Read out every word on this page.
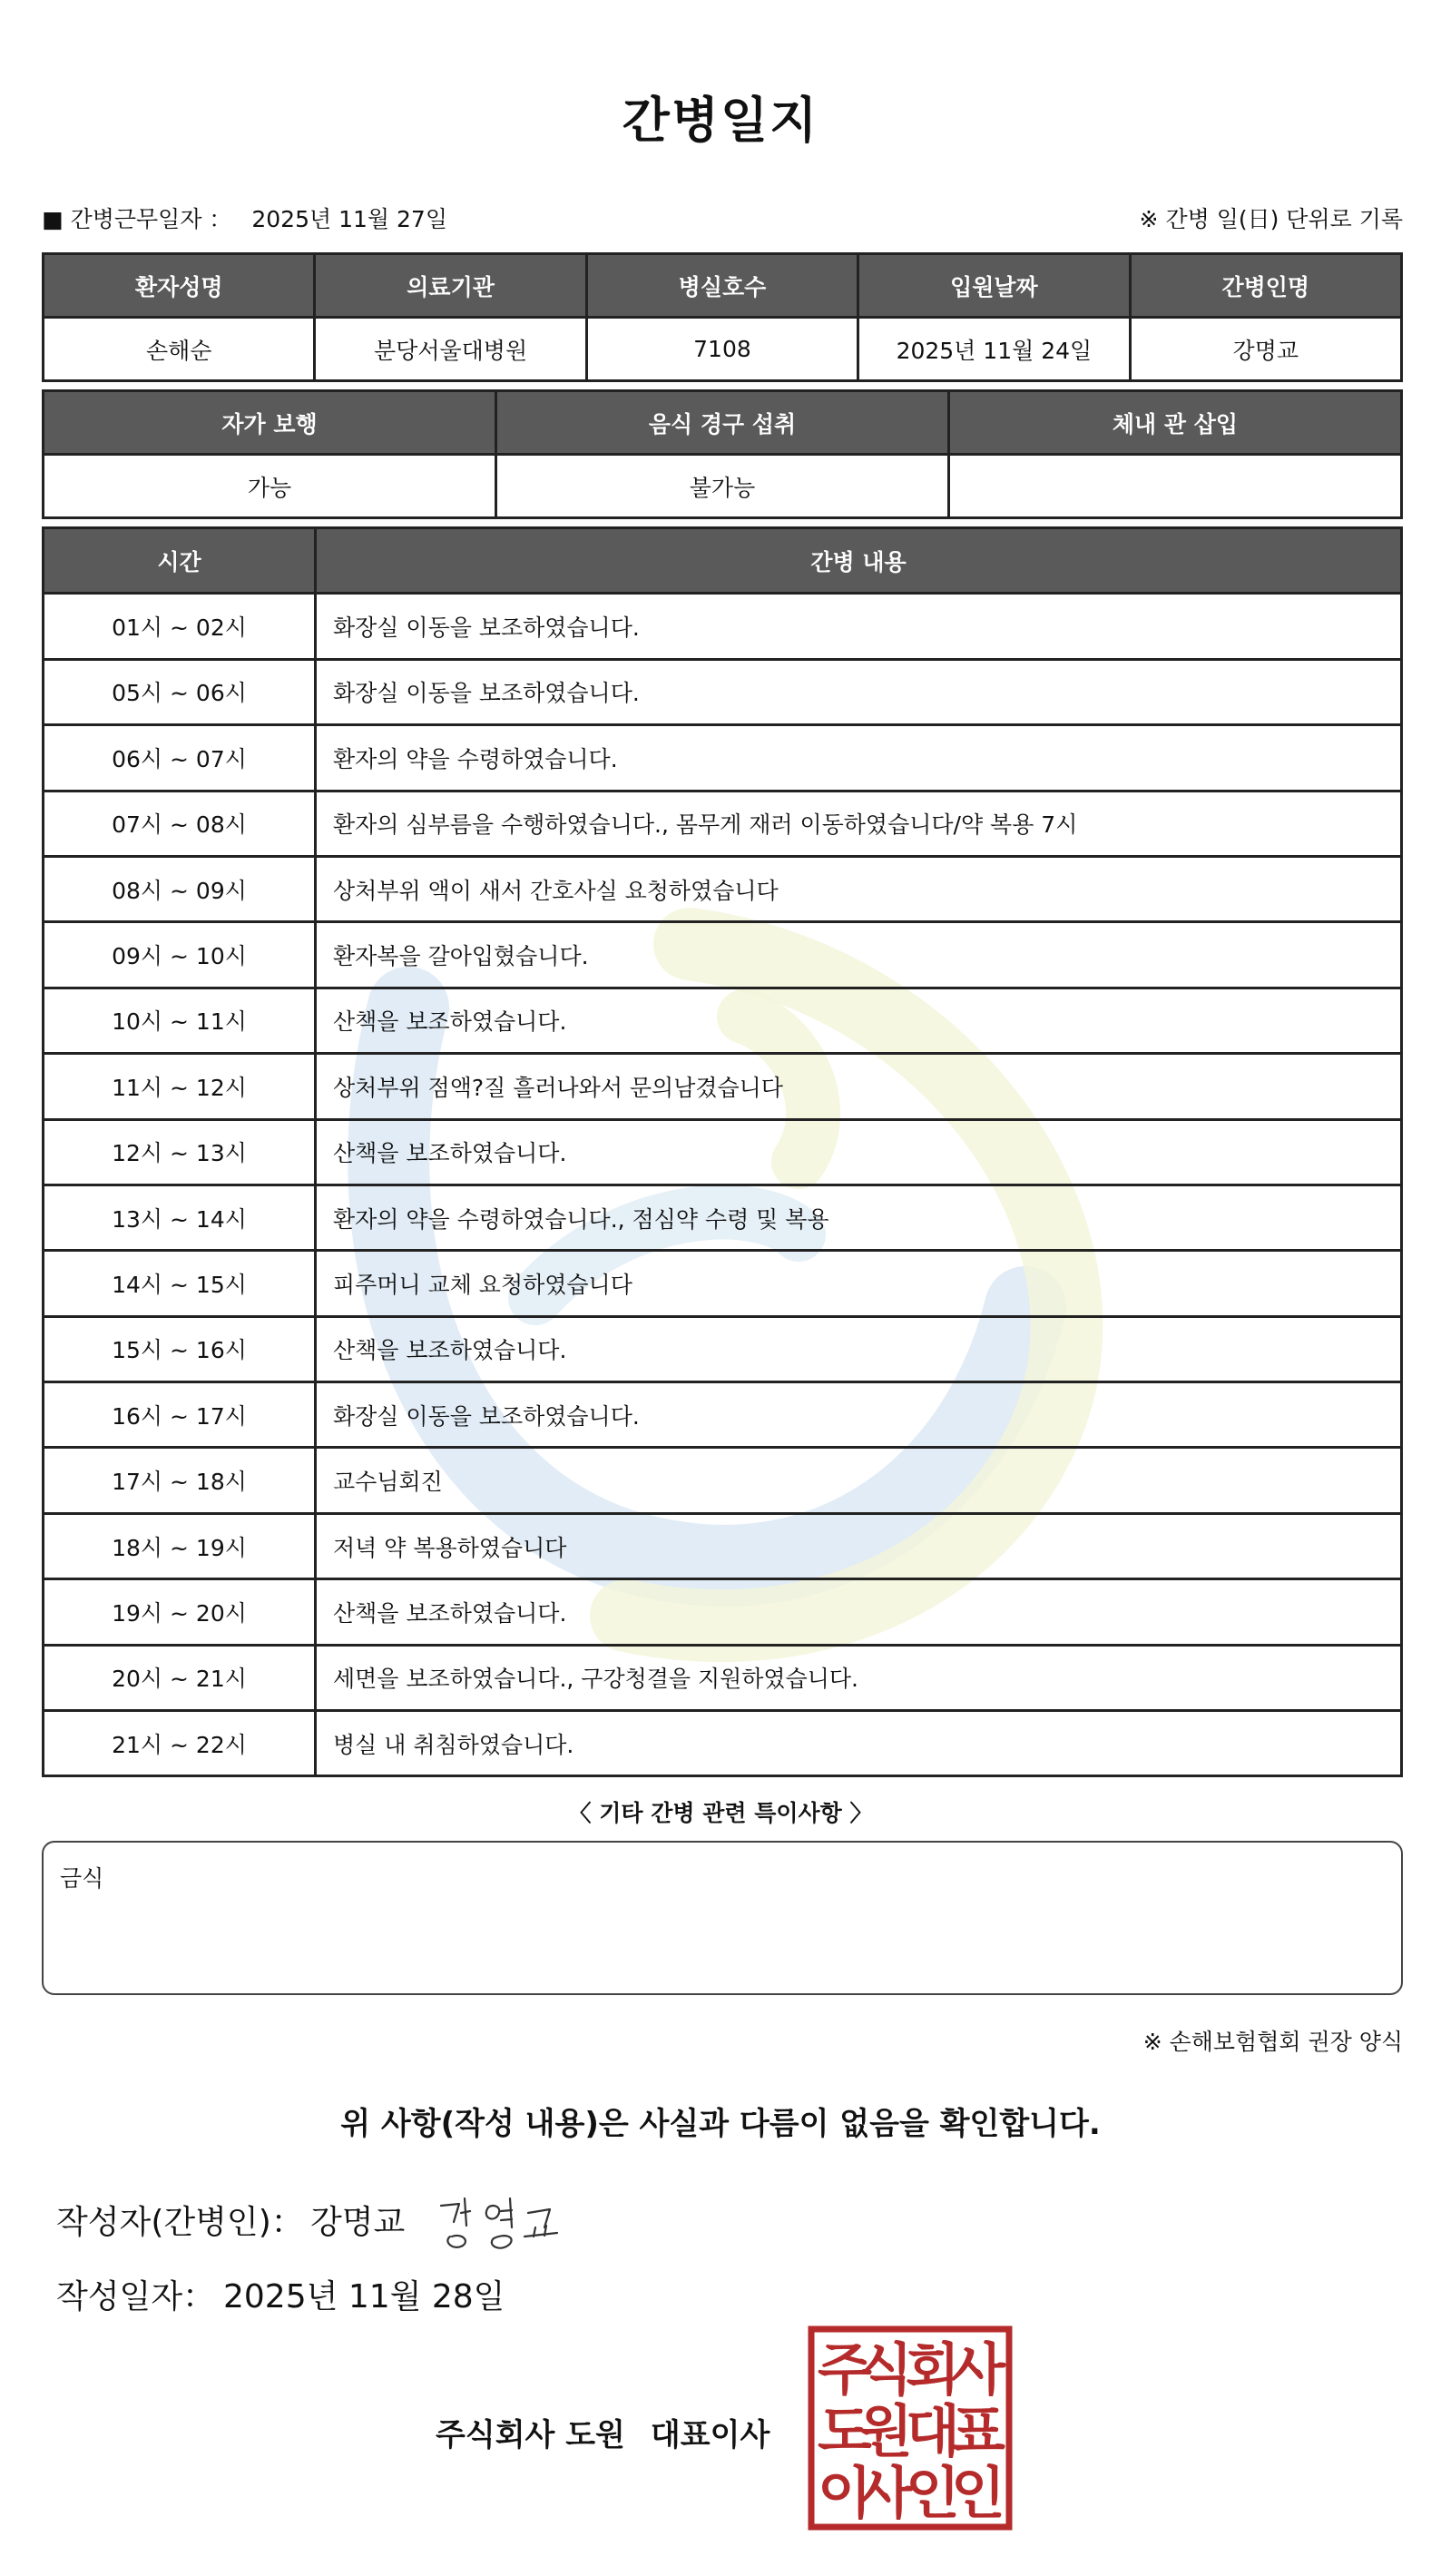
간병일지
■ 간병근무일자 ： 2025년 11월 27일	※ 간병 일(日) 단위로 기록
환자성명	의료기관	병실호수	입원날짜	간병인명
손해순	분당서울대병원	7108	2025년 11월 24일	강명교
자가 보행	음식 경구 섭취	체내 관 삽입
가능	불가능	
시간	간병 내용
01시 ~ 02시	화장실 이동을 보조하였습니다.
05시 ~ 06시	화장실 이동을 보조하였습니다.
06시 ~ 07시	환자의 약을 수령하였습니다.
07시 ~ 08시	환자의 심부름을 수행하였습니다., 몸무게 재러 이동하였습니다/약 복용 7시
08시 ~ 09시	상처부위 액이 새서 간호사실 요청하였습니다
09시 ~ 10시	환자복을 갈아입혔습니다.
10시 ~ 11시	산책을 보조하였습니다.
11시 ~ 12시	상처부위 점액?질 흘러나와서 문의남겼습니다
12시 ~ 13시	산책을 보조하였습니다.
13시 ~ 14시	환자의 약을 수령하였습니다., 점심약 수령 및 복용
14시 ~ 15시	피주머니 교체 요청하였습니다
15시 ~ 16시	산책을 보조하였습니다.
16시 ~ 17시	화장실 이동을 보조하였습니다.
17시 ~ 18시	교수님회진
18시 ~ 19시	저녁 약 복용하였습니다
19시 ~ 20시	산책을 보조하였습니다.
20시 ~ 21시	세면을 보조하였습니다., 구강청결을 지원하였습니다.
21시 ~ 22시	병실 내 취침하였습니다.
〈 기타 간병 관련 특이사항 〉
금식
※ 손해보험협회 권장 양식
위 사항(작성 내용)은 사실과 다름이 없음을 확인합니다.
작성자(간병인)： 강명교
작성일자： 2025년 11월 28일
주식회사 도원 대표이사
주
식
회
사
도
원
대
표
이
사
인
인
